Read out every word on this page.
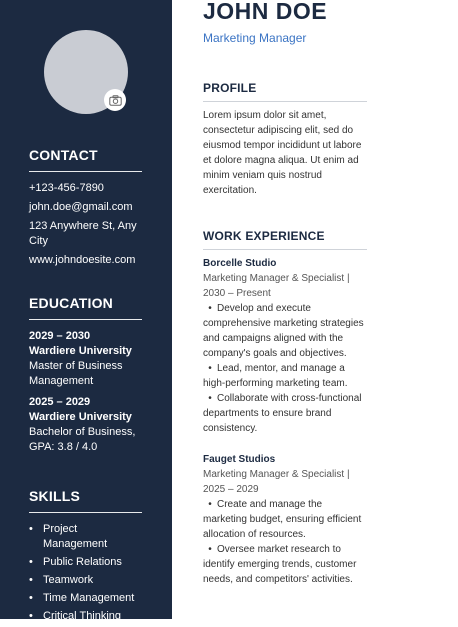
CONTACT
+123-456-7890
john.doe@gmail.com
123 Anywhere St, Any City
www.johndoesite.com
EDUCATION
2029 – 2030
Wardiere University
Master of Business Management
2025 – 2029
Wardiere University
Bachelor of Business, GPA: 3.8 / 4.0
SKILLS
• Project Management
• Public Relations
• Teamwork
• Time Management
• Critical Thinking
JOHN DOE

Marketing Manager

PROFILE

Lorem ipsum dolor sit amet, consectetur adipiscing elit, sed do eiusmod tempor incididunt ut labore et dolore magna aliqua. Ut enim ad minim veniam quis nostrud exercitation.

WORK EXPERIENCE

Borcelle Studio

Marketing Manager & Specialist | 2030 – Present

• Develop and execute comprehensive marketing strategies and campaigns aligned with the company's goals and objectives.
• Lead, mentor, and manage a high-performing marketing team.
• Collaborate with cross-functional departments to ensure brand consistency.

Fauget Studios

Marketing Manager & Specialist | 2025 – 2029

• Create and manage the marketing budget, ensuring efficient allocation of resources.
• Oversee market research to identify emerging trends, customer needs, and competitors' activities.
